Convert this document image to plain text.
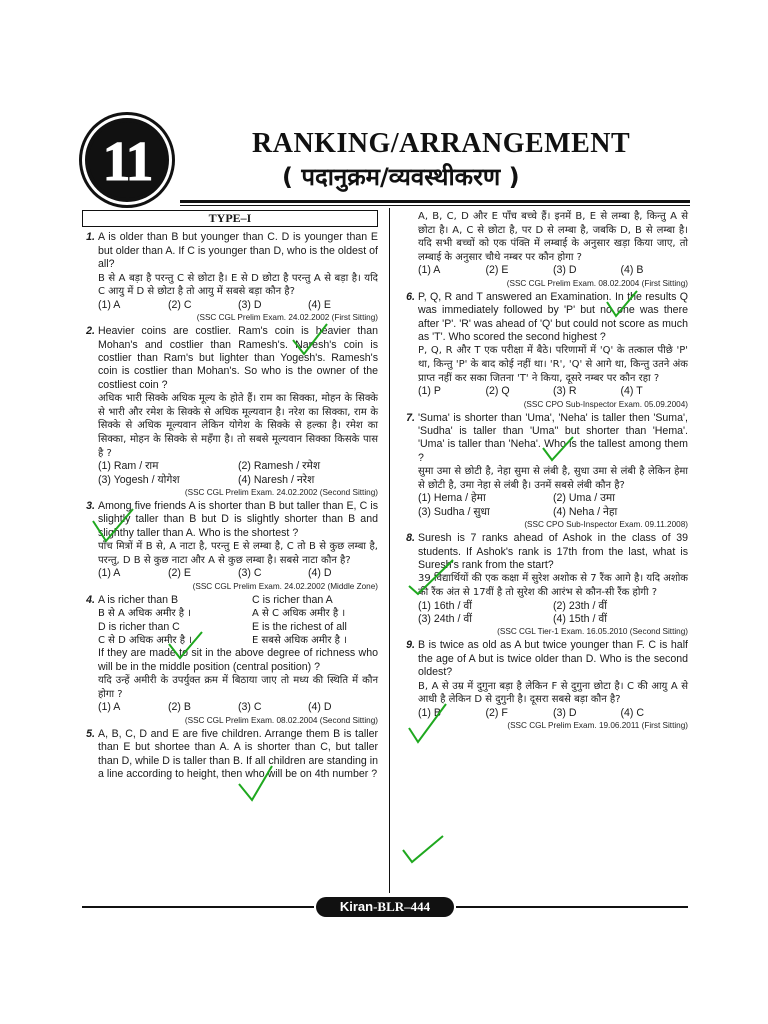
11	RANKING/ARRANGEMENT
( पदानुक्रम/व्यवस्थीकरण )
TYPE–I
1. A is older than B but younger than C. D is younger than E but older than A. If C is younger than D, who is the oldest of all?
B से A बड़ा है परन्तु C से छोटा है। E से D छोटा है परन्तु A से बड़ा है। यदि C आयु में D से छोटा है तो आयु में सबसे बड़ा कौन है?
(1) A	(2) C	(3) D	(4) E
(SSC CGL Prelim Exam. 24.02.2002 (First Sitting)
2. Heavier coins are costlier. Ram's coin is heavier than Mohan's and costlier than Ramesh's. Naresh's coin is costlier than Ram's but lighter than Yogesh's. Ramesh's coin is costlier than Mohan's. So who is the owner of the costliest coin ?
अधिक भारी सिक्के अधिक मूल्य के होते हैं। राम का सिक्का, मोहन के सिक्के से भारी और रमेश के सिक्के से अधिक मूल्यवान है। नरेश का सिक्का, राम के सिक्के से अधिक मूल्यवान लेकिन योगेश के सिक्के से हल्का है। रमेश का सिक्का, मोहन के सिक्के से महँगा है। तो सबसे मूल्यवान सिक्का किसके पास है ?
(1) Ram / राम	(2) Ramesh / रमेश
(3) Yogesh / योगेश	(4) Naresh / नरेश
(SSC CGL Prelim Exam. 24.02.2002 (Second Sitting)
3. Among five friends A is shorter than B but taller than E, C is slightly taller than B but D is slightly shorter than B and slighthy taller than A. Who is the shortest ?
पाँच मित्रों में B से, A नाटा है, परन्तु E से लम्बा है, C तो B से कुछ लम्बा है, परन्तु, D B से कुछ नाटा और A से कुछ लम्बा है। सबसे नाटा कौन है?
(1) A	(2) E	(3) C	(4) D
(SSC CGL Prelim Exam. 24.02.2002 (Middle Zone)
4. A is richer than B	C is richer than A
B से A अधिक अमीर है ।	A से C अधिक अमीर है ।
D is richer than C	E is the richest of all
C से D अधिक अमीर है ।	E सबसे अधिक अमीर है ।
If they are made to sit in the above degree of richness who will be in the middle position (central position) ?
यदि उन्हें अमीरी के उपर्युक्त क्रम में बिठाया जाए तो मध्य की स्थिति में कौन होगा ?
(1) A	(2) B	(3) C	(4) D
(SSC CGL Prelim Exam. 08.02.2004 (Second Sitting)
5. A, B, C, D and E are five children. Arrange them B is taller than E but shortee than A. A is shorter than C, but taller than D, while D is taller than B. If all children are standing in a line according to height, then who will be on 4th number ?
A, B, C, D और E पाँच बच्चे हैं। इनमें B, E से लम्बा है, किन्तु A से छोटा है। A, C से छोटा है, पर D से लम्बा है, जबकि D, B से लम्बा है। यदि सभी बच्चों को एक पंक्ति में लम्बाई के अनुसार खड़ा किया जाए, तो लम्बाई के अनुसार चौथे नम्बर पर कौन होगा ?
(1) A	(2) E	(3) D	(4) B
(SSC CGL Prelim Exam. 08.02.2004 (First Sitting)
6. P, Q, R and T answered an Examination. In the results Q was immediately followed by 'P' but no one was there after 'P'. 'R' was ahead of 'Q' but could not score as much as 'T'. Who scored the second highest ?
P, Q, R और T एक परीक्षा में बैठे। परिणामों में 'Q' के तत्काल पीछे 'P' था, किन्तु 'P' के बाद कोई नहीं था। 'R', 'Q' से आगे था, किन्तु उतने अंक प्राप्त नहीं कर सका जितना 'T' ने किया, दूसरे नम्बर पर कौन रहा ?
(1) P	(2) Q	(3) R	(4) T
(SSC CPO Sub-Inspector Exam. 05.09.2004)
7. 'Suma' is shorter than 'Uma', 'Neha' is taller then 'Suma', 'Sudha' is taller than 'Uma'' but shorter than 'Hema'. 'Uma' is taller than 'Neha'. Who is the tallest among them ?
सुमा उमा से छोटी है, नेहा सुमा से लंबी है, सुधा उमा से लंबी है लेकिन हेमा से छोटी है, उमा नेहा से लंबी है। उनमें सबसे लंबी कौन है?
(1) Hema / हेमा	(2) Uma / उमा
(3) Sudha / सुधा	(4) Neha / नेहा
(SSC CPO Sub-Inspector Exam. 09.11.2008)
8. Suresh is 7 ranks ahead of Ashok in the class of 39 students. If Ashok's rank is 17th from the last, what is Suresh's rank from the start?
39 विद्यार्थियों की एक कक्षा में सुरेश अशोक से 7 रैंक आगे है। यदि अशोक की रैंक अंत से 17वीं है तो सुरेश की आरंभ से कौन-सी रैंक होगी ?
(1) 16th / वीं	(2) 23th / वीं
(3) 24th / वीं	(4) 15th / वीं
(SSC CGL Tier-1 Exam. 16.05.2010 (Second Sitting)
9. B is twice as old as A but twice younger than F. C is half the age of A but is twice older than D. Who is the second oldest?
B, A से उम्र में दुगुना बड़ा है लेकिन F से दुगुना छोटा है। C की आयु A से आधी है लेकिन D से दुगुनी है। दूसरा सबसे बड़ा कौन है?
(1) B	(2) F	(3) D	(4) C
(SSC CGL Prelim Exam. 19.06.2011 (First Sitting)
Kiran-BLR–444
